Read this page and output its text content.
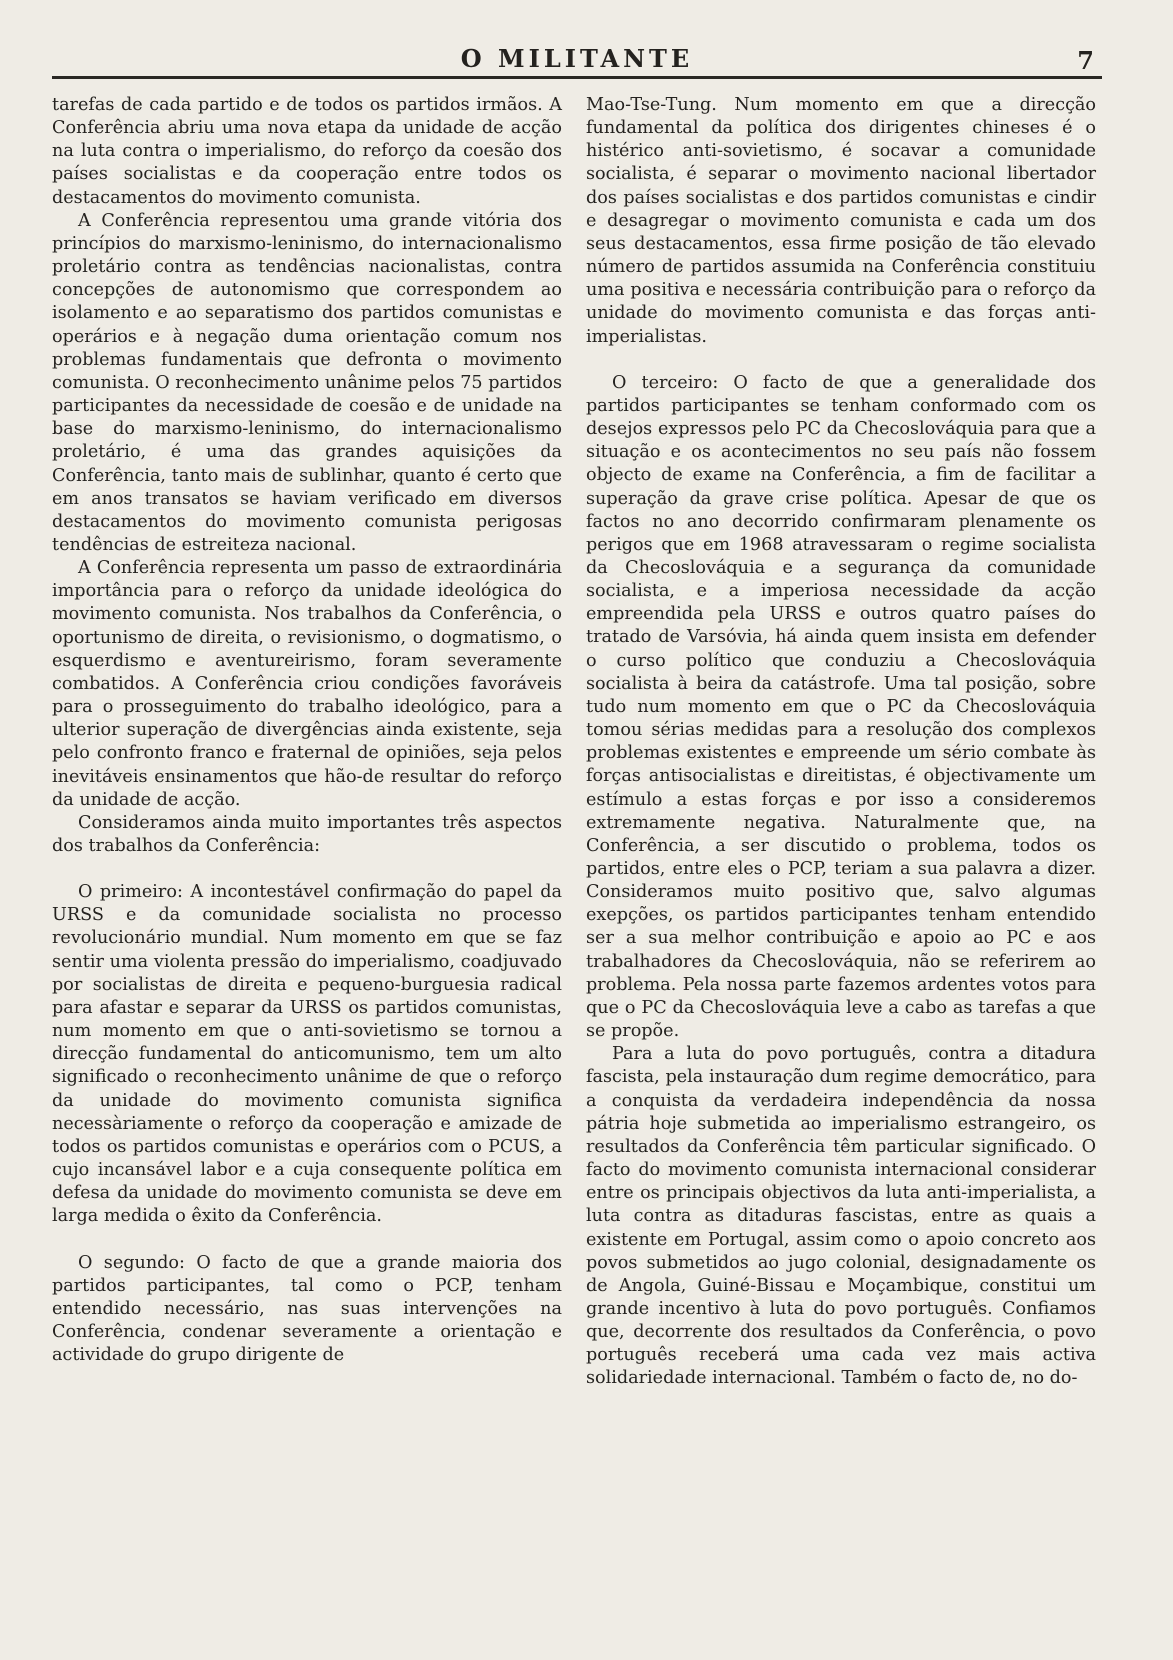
O MILITANTE	7

tarefas de cada partido e de todos os partidos irmãos. A Conferência abriu uma nova etapa da unidade de acção na luta contra o imperialismo, do reforço da coesão dos países socialistas e da cooperação entre todos os destacamentos do movimento comunista.

A Conferência representou uma grande vitória dos princípios do marxismo-leninismo, do internacionalismo proletário contra as tendências nacionalistas, contra concepções de autonomismo que correspondem ao isolamento e ao separatismo dos partidos comunistas e operários e à negação duma orientação comum nos problemas fundamentais que defronta o movimento comunista. O reconhecimento unânime pelos 75 partidos participantes da necessidade de coesão e de unidade na base do marxismo-leninismo, do internacionalismo proletário, é uma das grandes aquisições da Conferência, tanto mais de sublinhar, quanto é certo que em anos transatos se haviam verificado em diversos destacamentos do movimento comunista perigosas tendências de estreiteza nacional.

A Conferência representa um passo de extraordinária importância para o reforço da unidade ideológica do movimento comunista. Nos trabalhos da Conferência, o oportunismo de direita, o revisionismo, o dogmatismo, o esquerdismo e aventureirismo, foram severamente combatidos. A Conferência criou condições favoráveis para o prosseguimento do trabalho ideológico, para a ulterior superação de divergências ainda existente, seja pelo confronto franco e fraternal de opiniões, seja pelos inevitáveis ensinamentos que hão-de resultar do reforço da unidade de acção.

Consideramos ainda muito importantes três aspectos dos trabalhos da Conferência:

O primeiro: A incontestável confirmação do papel da URSS e da comunidade socialista no processo revolucionário mundial. Num momento em que se faz sentir uma violenta pressão do imperialismo, coadjuvado por socialistas de direita e pequeno-burguesia radical para afastar e separar da URSS os partidos comunistas, num momento em que o anti-sovietismo se tornou a direcção fundamental do anticomunismo, tem um alto significado o reconhecimento unânime de que o reforço da unidade do movimento comunista significa necessàriamente o reforço da cooperação e amizade de todos os partidos comunistas e operários com o PCUS, a cujo incansável labor e a cuja consequente política em defesa da unidade do movimento comunista se deve em larga medida o êxito da Conferência.

O segundo: O facto de que a grande maioria dos partidos participantes, tal como o PCP, tenham entendido necessário, nas suas intervenções na Conferência, condenar severamente a orientação e actividade do grupo dirigente de

Mao-Tse-Tung. Num momento em que a direcção fundamental da política dos dirigentes chineses é o histérico anti-sovietismo, é socavar a comunidade socialista, é separar o movimento nacional libertador dos países socialistas e dos partidos comunistas e cindir e desagregar o movimento comunista e cada um dos seus destacamentos, essa firme posição de tão elevado número de partidos assumida na Conferência constituiu uma positiva e necessária contribuição para o reforço da unidade do movimento comunista e das forças anti-imperialistas.

O terceiro: O facto de que a generalidade dos partidos participantes se tenham conformado com os desejos expressos pelo PC da Checoslováquia para que a situação e os acontecimentos no seu país não fossem objecto de exame na Conferência, a fim de facilitar a superação da grave crise política. Apesar de que os factos no ano decorrido confirmaram plenamente os perigos que em 1968 atravessaram o regime socialista da Checoslováquia e a segurança da comunidade socialista, e a imperiosa necessidade da acção empreendida pela URSS e outros quatro países do tratado de Varsóvia, há ainda quem insista em defender o curso político que conduziu a Checoslováquia socialista à beira da catástrofe. Uma tal posição, sobre tudo num momento em que o PC da Checoslováquia tomou sérias medidas para a resolução dos complexos problemas existentes e empreende um sério combate às forças antisocialistas e direitistas, é objectivamente um estímulo a estas forças e por isso a consideremos extremamente negativa. Naturalmente que, na Conferência, a ser discutido o problema, todos os partidos, entre eles o PCP, teriam a sua palavra a dizer. Consideramos muito positivo que, salvo algumas exepções, os partidos participantes tenham entendido ser a sua melhor contribuição e apoio ao PC e aos trabalhadores da Checoslováquia, não se referirem ao problema. Pela nossa parte fazemos ardentes votos para que o PC da Checoslováquia leve a cabo as tarefas a que se propõe.

Para a luta do povo português, contra a ditadura fascista, pela instauração dum regime democrático, para a conquista da verdadeira independência da nossa pátria hoje submetida ao imperialismo estrangeiro, os resultados da Conferência têm particular significado. O facto do movimento comunista internacional considerar entre os principais objectivos da luta anti-imperialista, a luta contra as ditaduras fascistas, entre as quais a existente em Portugal, assim como o apoio concreto aos povos submetidos ao jugo colonial, designadamente os de Angola, Guiné-Bissau e Moçambique, constitui um grande incentivo à luta do povo português. Confiamos que, decorrente dos resultados da Conferência, o povo português receberá uma cada vez mais activa solidariedade internacional. Também o facto de, no do-
